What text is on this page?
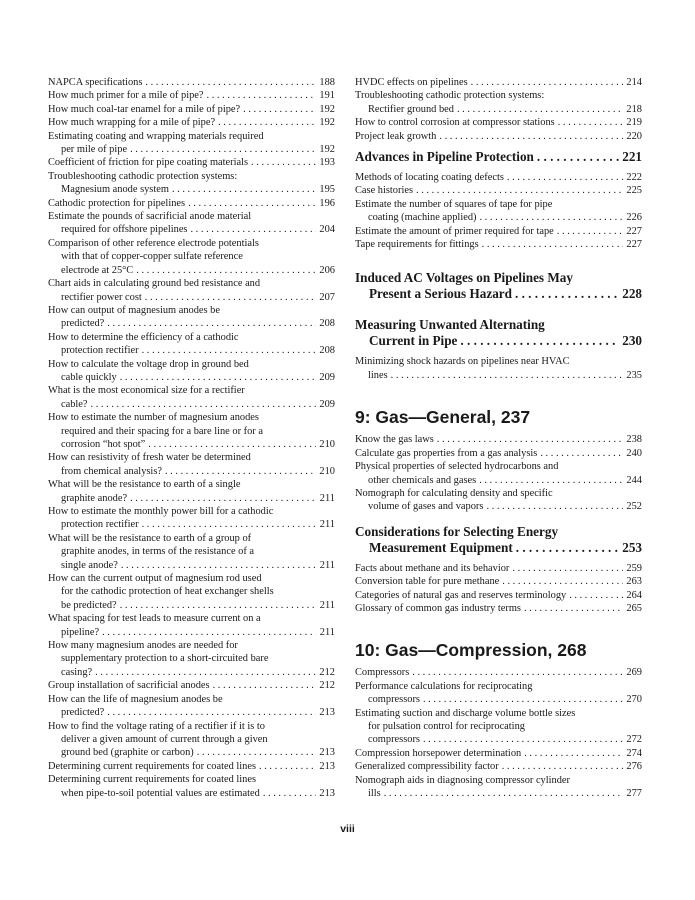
NAPCA specifications . . .	188
How much primer for a mile of pipe? . . .	191
How much coal-tar enamel for a mile of pipe? . . .	192
How much wrapping for a mile of pipe? . . .	192
Estimating coating and wrapping materials required
per mile of pipe . . .	192
Coefficient of friction for pipe coating materials . . .	193
Troubleshooting cathodic protection systems:
Magnesium anode system . . .	195
Cathodic protection for pipelines . . .	196
Estimate the pounds of sacrificial anode material
required for offshore pipelines . . .	204
Comparison of other reference electrode potentials
with that of copper-copper sulfate reference
electrode at 25°C . . .	206
Chart aids in calculating ground bed resistance and
rectifier power cost . . .	207
How can output of magnesium anodes be
predicted? . . .	208
How to determine the efficiency of a cathodic
protection rectifier . . .	208
How to calculate the voltage drop in ground bed
cable quickly . . .	209
What is the most economical size for a rectifier
cable? . . .	209
How to estimate the number of magnesium anodes
required and their spacing for a bare line or for a
corrosion “hot spot” . . .	210
How can resistivity of fresh water be determined
from chemical analysis? . . .	210
What will be the resistance to earth of a single
graphite anode? . . .	211
How to estimate the monthly power bill for a cathodic
protection rectifier . . .	211
What will be the resistance to earth of a group of
graphite anodes, in terms of the resistance of a
single anode? . . .	211
How can the current output of magnesium rod used
for the cathodic protection of heat exchanger shells
be predicted? . . .	211
What spacing for test leads to measure current on a
pipeline? . . .	211
How many magnesium anodes are needed for
supplementary protection to a short-circuited bare
casing? . . .	212
Group installation of sacrificial anodes . . .	212
How can the life of magnesium anodes be
predicted? . . .	213
How to find the voltage rating of a rectifier if it is to
deliver a given amount of current through a given
ground bed (graphite or carbon) . . .	213
Determining current requirements for coated lines . . .	213
Determining current requirements for coated lines
when pipe-to-soil potential values are estimated . . .	213
HVDC effects on pipelines . . .	214
Troubleshooting cathodic protection systems:
Rectifier ground bed . . .	218
How to control corrosion at compressor stations . . .	219
Project leak growth . . .	220
Advances in Pipeline Protection . . .	221
Methods of locating coating defects . . .	222
Case histories . . .	225
Estimate the number of squares of tape for pipe
coating (machine applied) . . .	226
Estimate the amount of primer required for tape . . .	227
Tape requirements for fittings . . .	227
Induced AC Voltages on Pipelines May
Present a Serious Hazard . . .	228
Measuring Unwanted Alternating
Current in Pipe . . .	230
Minimizing shock hazards on pipelines near HVAC
lines . . .	235
9: Gas—General, 237
Know the gas laws . . .	238
Calculate gas properties from a gas analysis . . .	240
Physical properties of selected hydrocarbons and
other chemicals and gases . . .	244
Nomograph for calculating density and specific
volume of gases and vapors . . .	252
Considerations for Selecting Energy
Measurement Equipment . . .	253
Facts about methane and its behavior . . .	259
Conversion table for pure methane . . .	263
Categories of natural gas and reserves terminology . . .	264
Glossary of common gas industry terms . . .	265
10: Gas—Compression, 268
Compressors . . .	269
Performance calculations for reciprocating
compressors . . .	270
Estimating suction and discharge volume bottle sizes
for pulsation control for reciprocating
compressors . . .	272
Compression horsepower determination . . .	274
Generalized compressibility factor . . .	276
Nomograph aids in diagnosing compressor cylinder
ills . . .	277
viii
